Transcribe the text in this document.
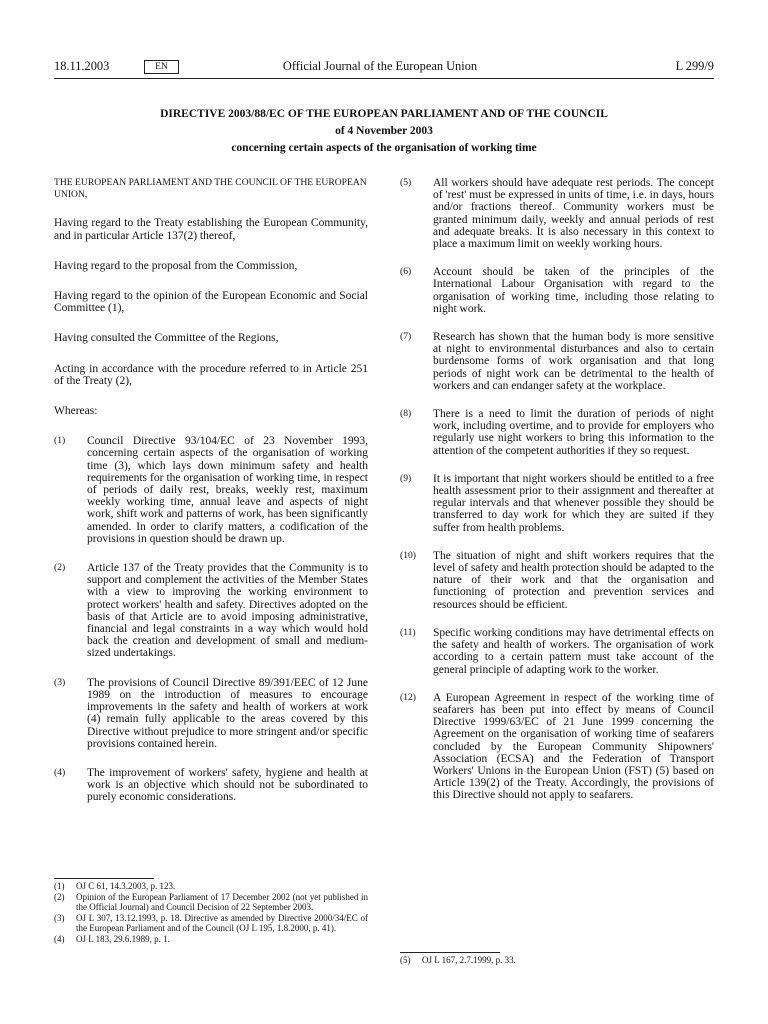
18.11.2003	EN	Official Journal of the European Union	L 299/9
DIRECTIVE 2003/88/EC OF THE EUROPEAN PARLIAMENT AND OF THE COUNCIL
of 4 November 2003
concerning certain aspects of the organisation of working time

THE EUROPEAN PARLIAMENT AND THE COUNCIL OF THE EUROPEAN UNION,

Having regard to the Treaty establishing the European Community, and in particular Article 137(2) thereof,

Having regard to the proposal from the Commission,

Having regard to the opinion of the European Economic and Social Committee (1),

Having consulted the Committee of the Regions,

Acting in accordance with the procedure referred to in Article 251 of the Treaty (2),

Whereas:

(1)	Council Directive 93/104/EC of 23 November 1993, concerning certain aspects of the organisation of working time (3), which lays down minimum safety and health requirements for the organisation of working time, in respect of periods of daily rest, breaks, weekly rest, maximum weekly working time, annual leave and aspects of night work, shift work and patterns of work, has been significantly amended. In order to clarify matters, a codification of the provisions in question should be drawn up.
(2)	Article 137 of the Treaty provides that the Community is to support and complement the activities of the Member States with a view to improving the working environment to protect workers' health and safety. Directives adopted on the basis of that Article are to avoid imposing administrative, financial and legal constraints in a way which would hold back the creation and development of small and medium-sized undertakings.
(3)	The provisions of Council Directive 89/391/EEC of 12 June 1989 on the introduction of measures to encourage improvements in the safety and health of workers at work (4) remain fully applicable to the areas covered by this Directive without prejudice to more stringent and/or specific provisions contained herein.
(4)	The improvement of workers' safety, hygiene and health at work is an objective which should not be subordinated to purely economic considerations.
(1)	OJ C 61, 14.3.2003, p. 123.
(2)	Opinion of the European Parliament of 17 December 2002 (not yet published in the Official Journal) and Council Decision of 22 September 2003.
(3)	OJ L 307, 13.12.1993, p. 18. Directive as amended by Directive 2000/34/EC of the European Parliament and of the Council (OJ L 195, 1.8.2000, p. 41).
(4)	OJ L 183, 29.6.1989, p. 1.
(5)	All workers should have adequate rest periods. The concept of 'rest' must be expressed in units of time, i.e. in days, hours and/or fractions thereof. Community workers must be granted minimum daily, weekly and annual periods of rest and adequate breaks. It is also necessary in this context to place a maximum limit on weekly working hours.
(6)	Account should be taken of the principles of the International Labour Organisation with regard to the organisation of working time, including those relating to night work.
(7)	Research has shown that the human body is more sensitive at night to environmental disturbances and also to certain burdensome forms of work organisation and that long periods of night work can be detrimental to the health of workers and can endanger safety at the workplace.
(8)	There is a need to limit the duration of periods of night work, including overtime, and to provide for employers who regularly use night workers to bring this information to the attention of the competent authorities if they so request.
(9)	It is important that night workers should be entitled to a free health assessment prior to their assignment and thereafter at regular intervals and that whenever possible they should be transferred to day work for which they are suited if they suffer from health problems.
(10)	The situation of night and shift workers requires that the level of safety and health protection should be adapted to the nature of their work and that the organisation and functioning of protection and prevention services and resources should be efficient.
(11)	Specific working conditions may have detrimental effects on the safety and health of workers. The organisation of work according to a certain pattern must take account of the general principle of adapting work to the worker.
(12)	A European Agreement in respect of the working time of seafarers has been put into effect by means of Council Directive 1999/63/EC of 21 June 1999 concerning the Agreement on the organisation of working time of seafarers concluded by the European Community Shipowners' Association (ECSA) and the Federation of Transport Workers' Unions in the European Union (FST) (5) based on Article 139(2) of the Treaty. Accordingly, the provisions of this Directive should not apply to seafarers.
(5)	OJ L 167, 2.7.1999, p. 33.
